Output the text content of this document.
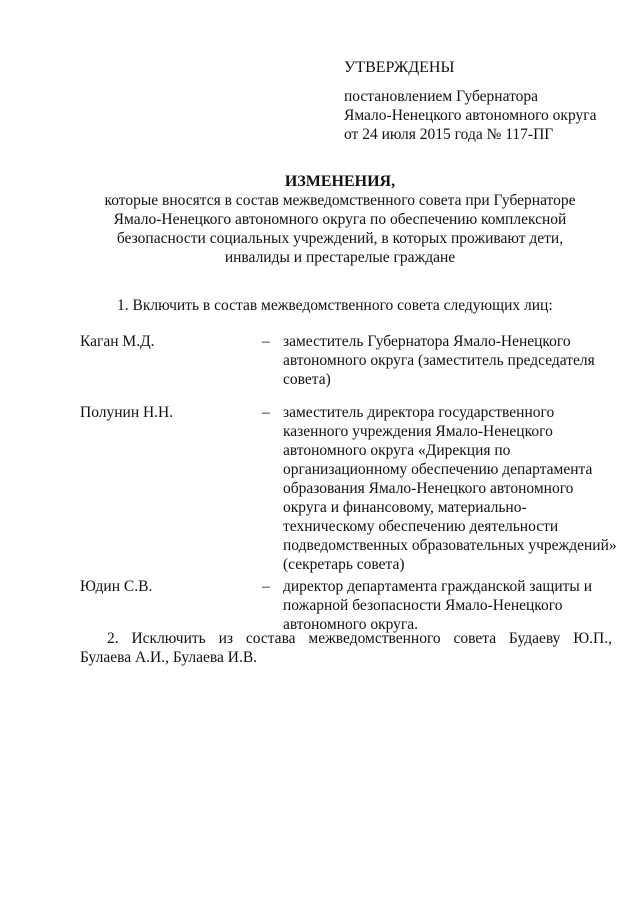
УТВЕРЖДЕНЫ

постановлением Губернатора

Ямало-Ненецкого автономного округа

от 24 июля 2015 года № 117-ПГ

ИЗМЕНЕНИЯ,

которые вносятся в состав межведомственного совета при Губернаторе

Ямало-Ненецкого автономного округа по обеспечению комплексной

безопасности социальных учреждений, в которых проживают дети,

инвалиды и престарелые граждане

1. Включить в состав межведомственного совета следующих лиц:
Каган М.Д.	– заместитель Губернатора Ямало-Ненецкого
автономного округа (заместитель председателя
совета)
Полунин Н.Н.	– заместитель директора государственного
казенного учреждения Ямало-Ненецкого
автономного округа «Дирекция по
организационному обеспечению департамента
образования Ямало-Ненецкого автономного
округа и финансовому, материально-
техническому обеспечению деятельности
подведомственных образовательных учреждений»
(секретарь совета)
Юдин С.В.	– директор департамента гражданской защиты и
пожарной безопасности Ямало-Ненецкого
автономного округа.
2. Исключить из состава межведомственного совета Будаеву Ю.П.,
Булаева А.И., Булаева И.В.
